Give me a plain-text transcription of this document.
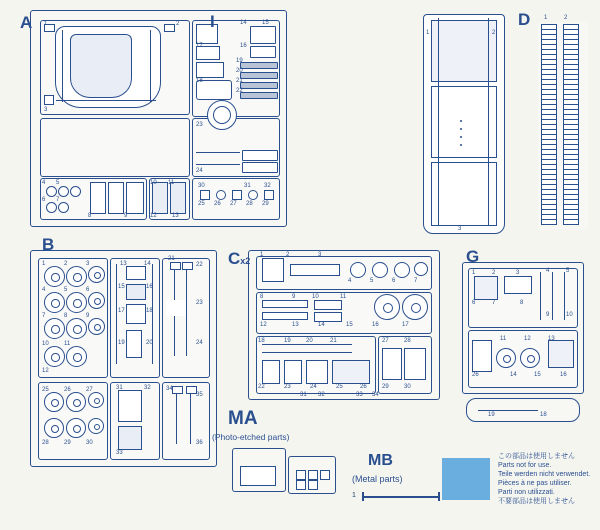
A 1	2
3
14	15
16
17
18
19
20
21
22
23
24
4 5
6 7
8	9
10 11
12	13
25 26 27 28 29
30	31 32
I
1	2
3
D 1	2
B
1	2	3
4	5	6
7	8	9
10	11
12
13	14
15	16
17	18
19	20
21
22
23
24
25	26	27
28	29	30
31	32
33
34
35
36
Cx2
1	2	3
4	5	6	7
8	9	10	11
12	13	14	15	16	17
18	19	20	21
22	23	24	25	26
27	28
29	30
31 32	33 34
G
1	2	3	4	5
6	7	8
9	10
11	12	13
14	15	16
26
19	18
MA
(Photo-etched parts)
MB
(Metal parts)
1
この部品は使用しません
Parts not for use.
Teile werden nicht verwendet.
Pièces à ne pas utiliser.
Parti non utilizzati.
不要部品は使用しません
